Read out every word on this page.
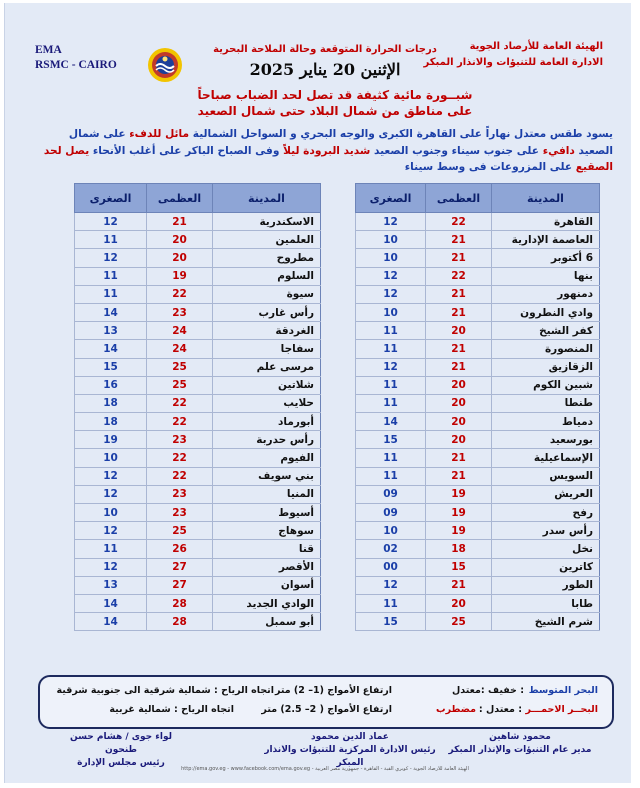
EMA
RSMC - CAIRO
درجات الحرارة المتوقعة وحالة الملاحة البحرية
الإثنين 20 يناير 2025
الهيئة العامة للأرصاد الجوية
الادارة العامة للتنبؤات والانذار المبكر
شبــورة مائية كثيفة قد تصل لحد الضباب صباحاً
على مناطق من شمال البلاد حتى شمال الصعيد
يسود طقس معتدل نهاراً على القاهرة الكبرى والوجه البحري و السواحل الشمالية مائل للدفء على شمال الصعيد دافيء على جنوب سيناء وجنوب الصعيد شديد البرودة ليلاً وفى الصباح الباكر على أغلب الأنحاء يصل لحد الصقيع على المزروعات فى وسط سيناء
المدينة	العظمى	الصغرى
القاهرة	22	12
العاصمة الإدارية	21	10
6 أكتوبر	21	10
بنها	22	12
دمنهور	21	12
وادي النطرون	21	10
كفر الشيخ	20	11
المنصورة	21	11
الزقازيق	21	12
شبين الكوم	20	11
طنطا	20	11
دمياط	20	14
بورسعيد	20	15
الإسماعيلية	21	11
السويس	21	11
العريش	19	09
رفح	19	09
رأس سدر	19	10
نخل	18	02
كاترين	15	00
الطور	21	12
طابا	20	11
شرم الشيخ	25	15
المدينة	العظمى	الصغرى
الاسكندرية	21	12
العلمين	20	11
مطروح	20	12
السلوم	19	11
سيوة	22	11
رأس غارب	23	14
الغردقة	24	13
سفاجا	24	14
مرسى علم	25	15
شلاتين	25	16
حلايب	22	18
أبورماد	22	18
رأس حدربة	23	19
الفيوم	22	10
بني سويف	22	12
المنيا	23	12
أسيوط	23	10
سوهاج	25	12
قنا	26	11
الأقصر	27	12
أسوان	27	13
الوادي الجديد	28	14
أبو سمبل	28	14
البحر المتوسط
: خفيف :معتدل
ارتفاع الأمواج (1– 2) متر
اتجاه الرياح : شمالية شرقية الى جنوبية شرقية
البحــر الاحمـــر
: معتدل :
مضطرب
ارتفاع الأمواج ( 2– 2.5) متر
اتجاه الرياح : شمالية غربية
لواء جوى / هشام حسن طنحون
رئيس مجلس الإدارة
عماد الدين محمود
رئيس الادارة المركزية للتنبؤات والانذار المبكر
محمود شاهين
مدير عام التنبؤات والإنذار المبكر
الهيئة العامة للأرصاد الجوية - كوبري القبة - القاهرة - جمهورية مصر العربية - http://ema.gov.eg - www.facebook.com/ema.gov.eg
